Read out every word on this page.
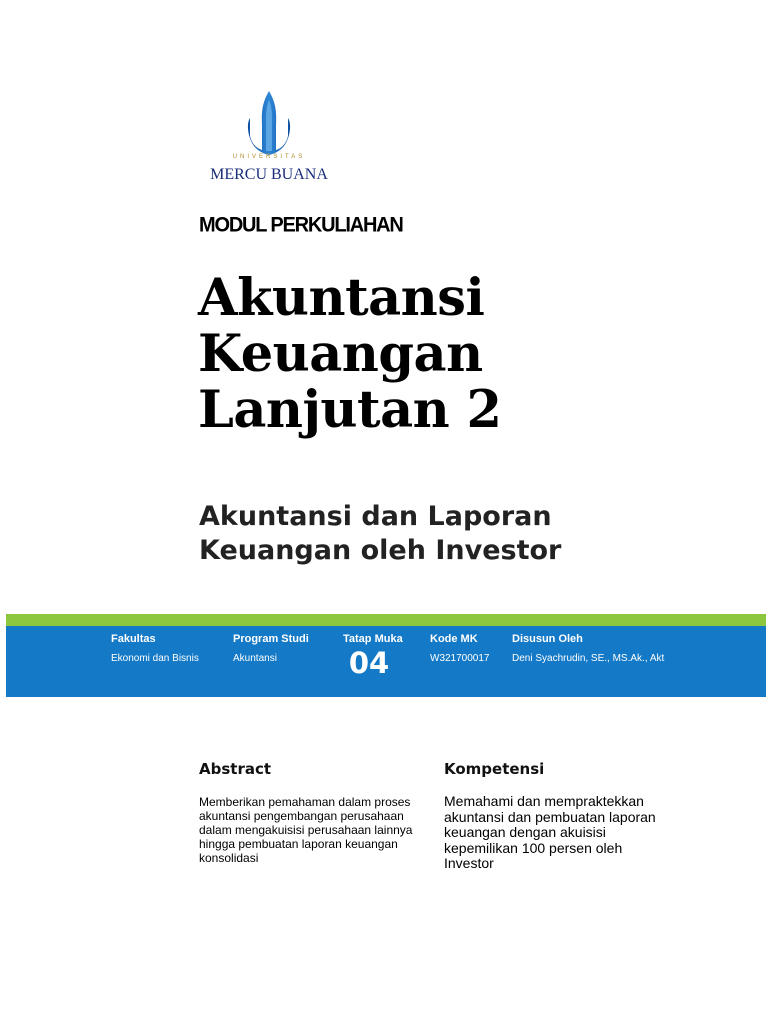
UNIVERSITAS
MERCU BUANA
MODUL PERKULIAHAN
Akuntansi
Keuangan
Lanjutan 2
Akuntansi dan Laporan
Keuangan oleh Investor
Fakultas
Ekonomi dan Bisnis
Program Studi
Akuntansi
Tatap Muka
04
Kode MK
W321700017
Disusun Oleh
Deni Syachrudin, SE., MS.Ak., Akt
Abstract

Memberikan pemahaman dalam proses akuntansi pengembangan perusahaan dalam mengakuisisi perusahaan lainnya hingga pembuatan laporan keuangan konsolidasi

Kompetensi

Memahami dan mempraktekkan akuntansi dan pembuatan laporan keuangan dengan akuisisi kepemilikan 100 persen oleh Investor
